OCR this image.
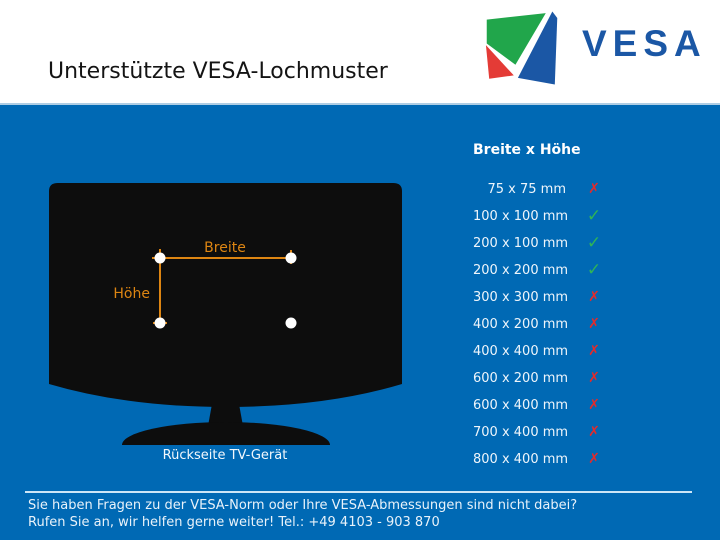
Unterstützte VESA-Lochmuster
VESA
Breite
Höhe
Rückseite TV-Gerät
Breite x Höhe
75 x 75 mm ✗
100 x 100 mm ✓
200 x 100 mm ✓
200 x 200 mm ✓
300 x 300 mm ✗
400 x 200 mm ✗
400 x 400 mm ✗
600 x 200 mm ✗
600 x 400 mm ✗
700 x 400 mm ✗
800 x 400 mm ✗
Sie haben Fragen zu der VESA-Norm oder Ihre VESA-Abmessungen sind nicht dabei?
Rufen Sie an, wir helfen gerne weiter! Tel.: +49 4103 - 903 870
